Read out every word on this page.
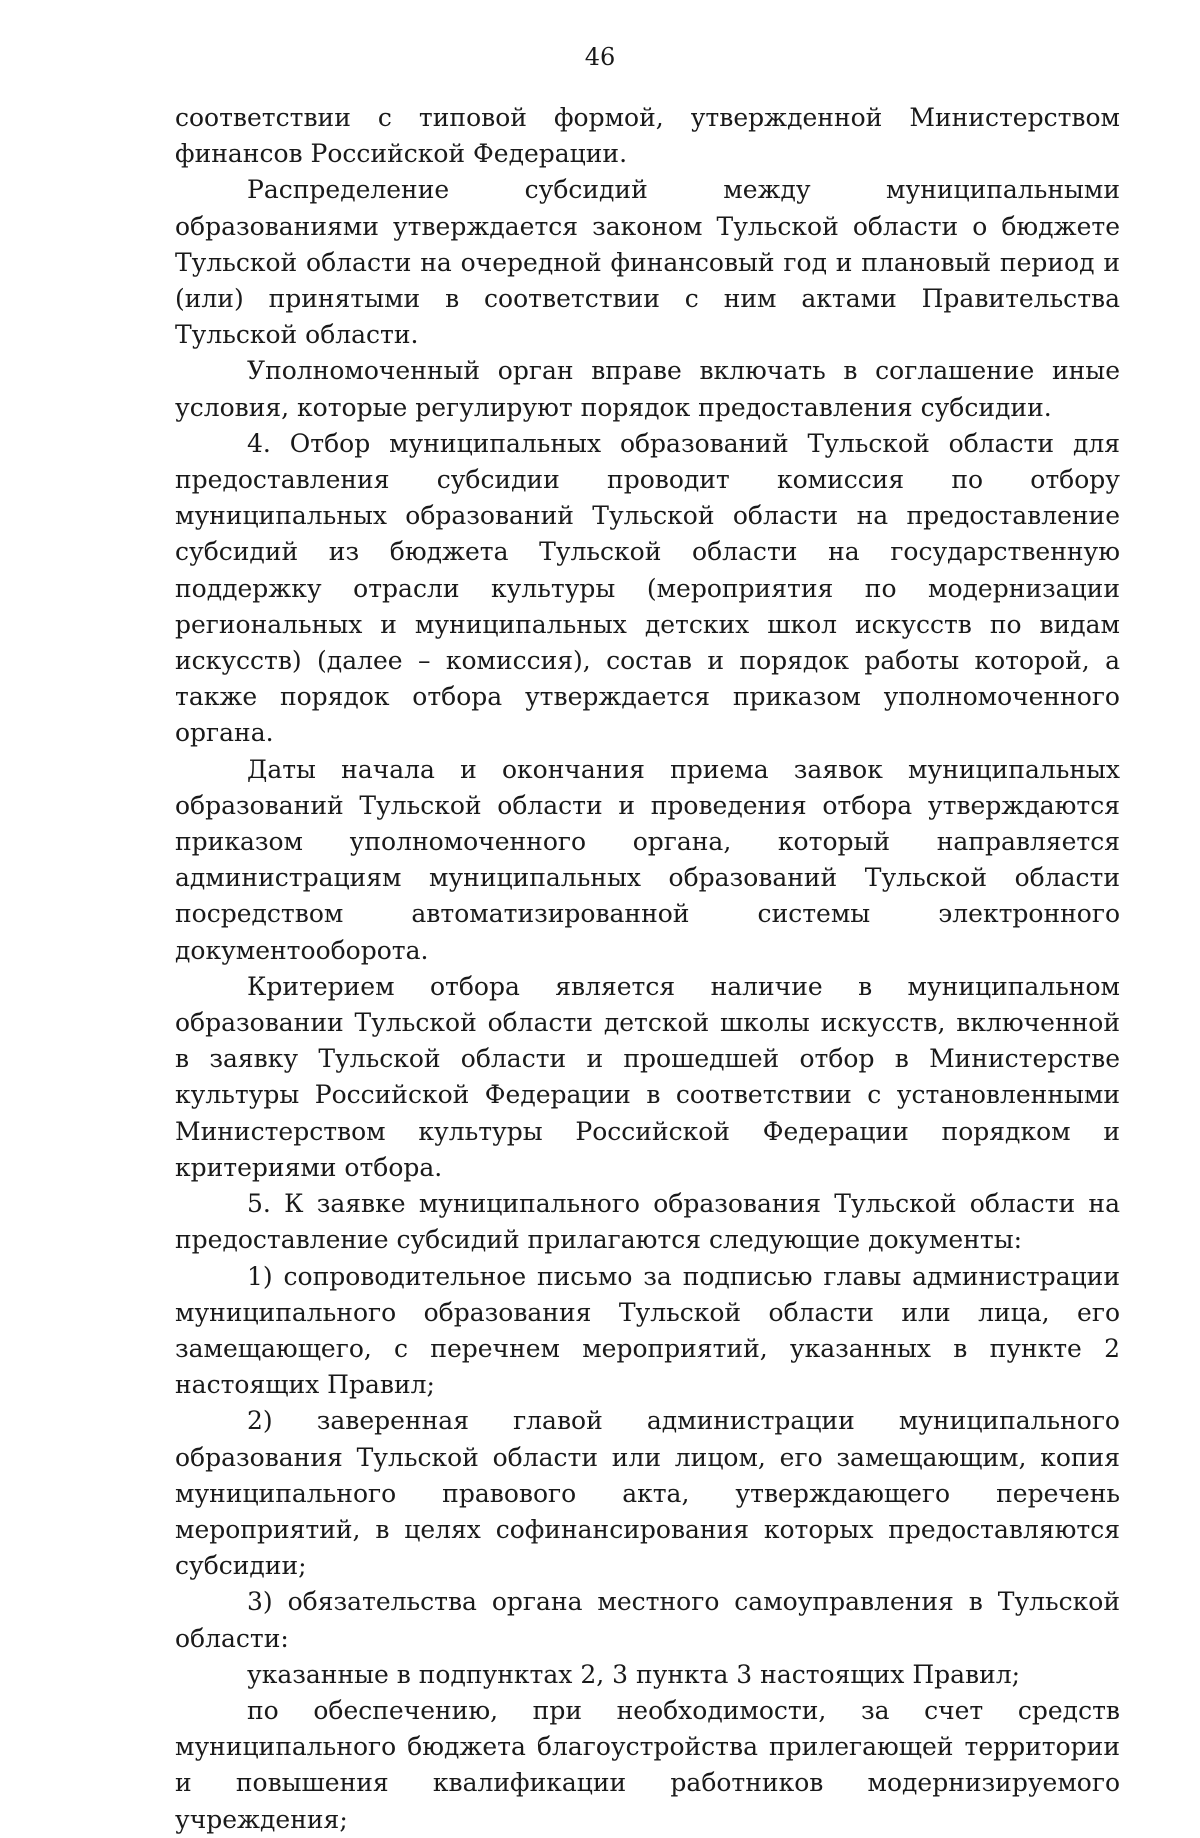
46

соответствии с типовой формой, утвержденной Министерством финансов Российской Федерации.

Распределение субсидий между муниципальными образованиями утверждается законом Тульской области о бюджете Тульской области на очередной финансовый год и плановый период и (или) принятыми в соответствии с ним актами Правительства Тульской области.

Уполномоченный орган вправе включать в соглашение иные условия, которые регулируют порядок предоставления субсидии.

4. Отбор муниципальных образований Тульской области для предоставления субсидии проводит комиссия по отбору муниципальных образований Тульской области на предоставление субсидий из бюджета Тульской области на государственную поддержку отрасли культуры (мероприятия по модернизации региональных и муниципальных детских школ искусств по видам искусств) (далее – комиссия), состав и порядок работы которой, а также порядок отбора утверждается приказом уполномоченного органа.

Даты начала и окончания приема заявок муниципальных образований Тульской области и проведения отбора утверждаются приказом уполномоченного органа, который направляется администрациям муниципальных образований Тульской области посредством автоматизированной системы электронного документооборота.

Критерием отбора является наличие в муниципальном образовании Тульской области детской школы искусств, включенной в заявку Тульской области и прошедшей отбор в Министерстве культуры Российской Федерации в соответствии с установленными Министерством культуры Российской Федерации порядком и критериями отбора.

5. К заявке муниципального образования Тульской области на предоставление субсидий прилагаются следующие документы:

1) сопроводительное письмо за подписью главы администрации муниципального образования Тульской области или лица, его замещающего, с перечнем мероприятий, указанных в пункте 2 настоящих Правил;

2) заверенная главой администрации муниципального образования Тульской области или лицом, его замещающим, копия муниципального правового акта, утверждающего перечень мероприятий, в целях софинансирования которых предоставляются субсидии;

3) обязательства органа местного самоуправления в Тульской области:

указанные в подпунктах 2, 3 пункта 3 настоящих Правил;

по обеспечению, при необходимости, за счет средств муниципального бюджета благоустройства прилегающей территории и повышения квалификации работников модернизируемого учреждения;
